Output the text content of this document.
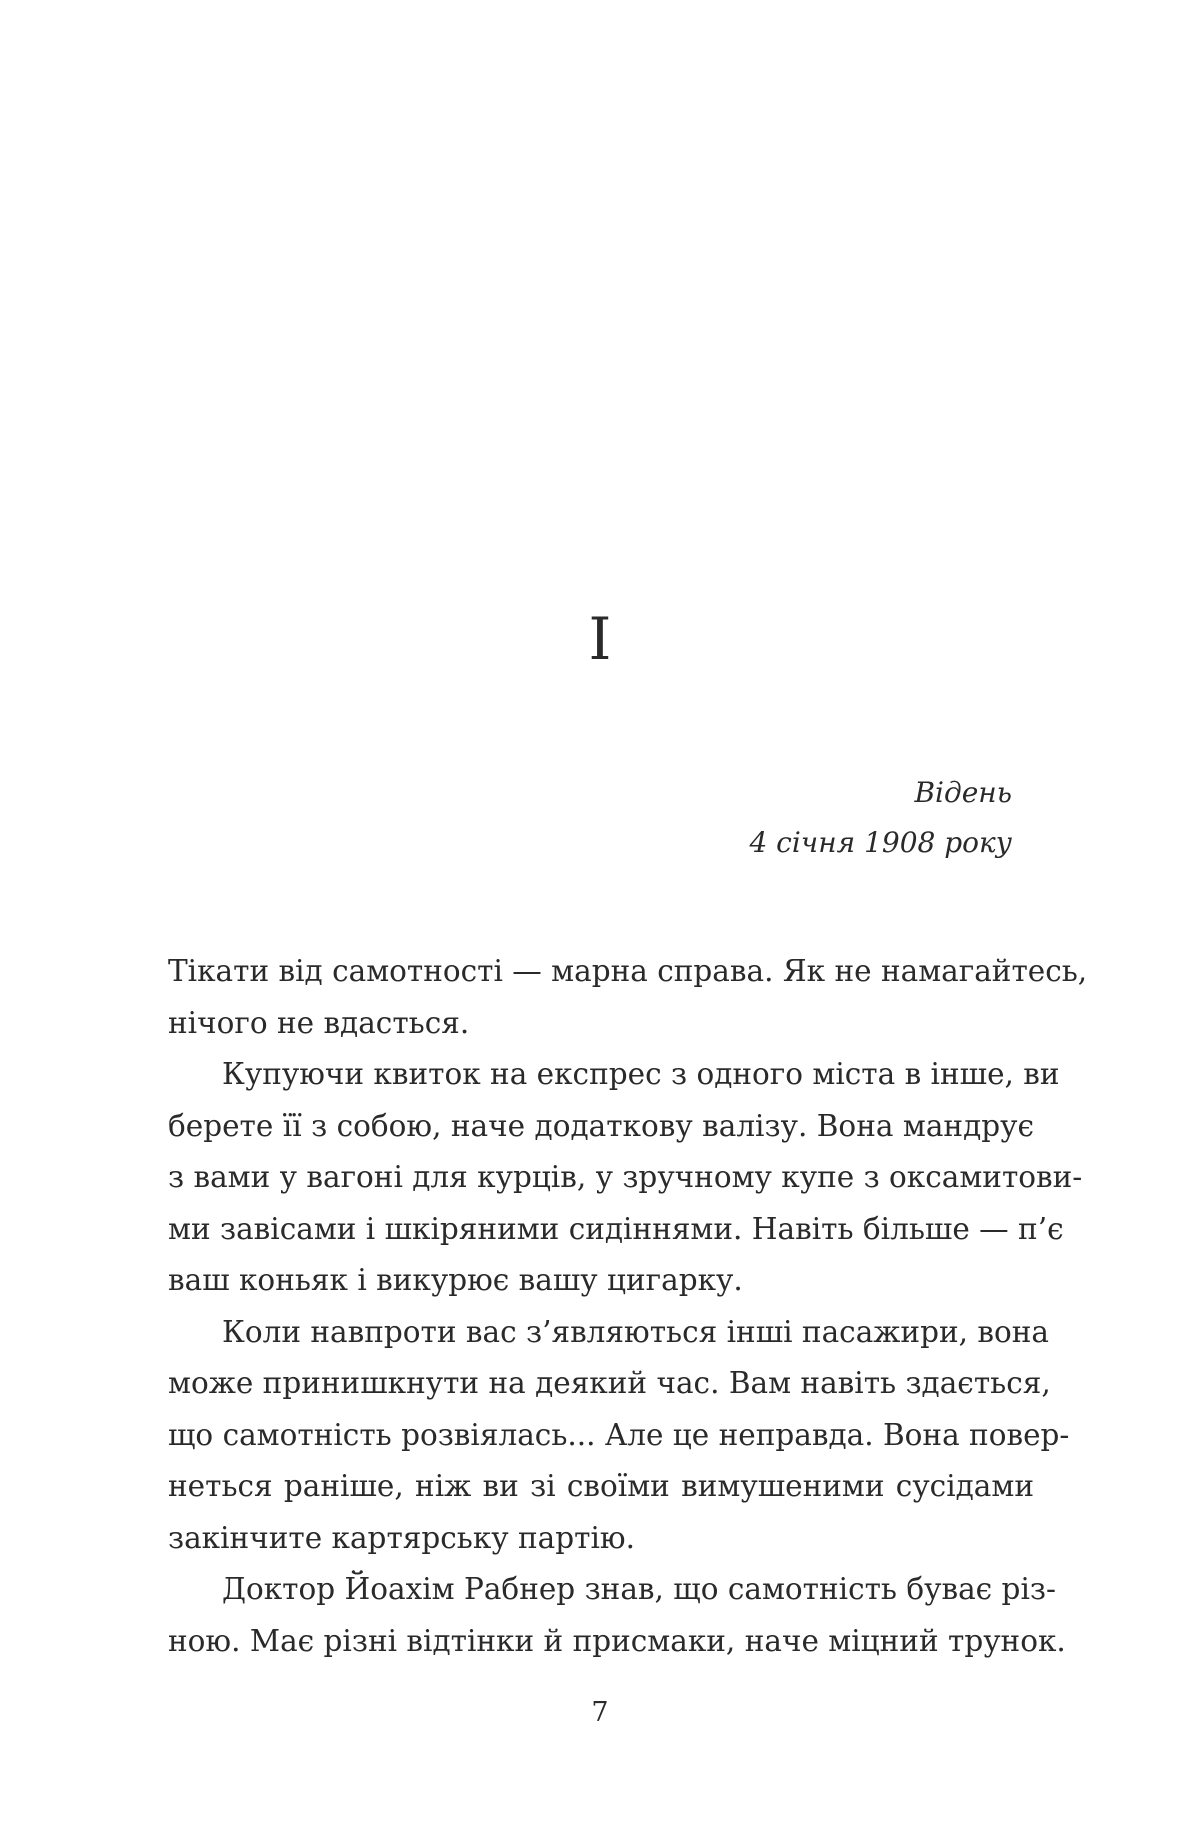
I
Відень
4 січня 1908 року
Тікати від самотності — марна справа. Як не намагайтесь,
нічого не вдасться.
Купуючи квиток на експрес з одного міста в інше, ви
берете її з собою, наче додаткову валізу. Вона мандрує
з вами у вагоні для курців, у зручному купе з оксамитови-
ми завісами і шкіряними сидіннями. Навіть більше — п’є
ваш коньяк і викурює вашу цигарку.
Коли навпроти вас з’являються інші пасажири, вона
може принишкнути на деякий час. Вам навіть здається,
що самотність розвіялась... Але це неправда. Вона повер-
неться раніше, ніж ви зі своїми вимушеними сусідами
закінчите картярську партію.
Доктор Йоахім Рабнер знав, що самотність буває різ-
ною. Має різні відтінки й присмаки, наче міцний трунок.
7
